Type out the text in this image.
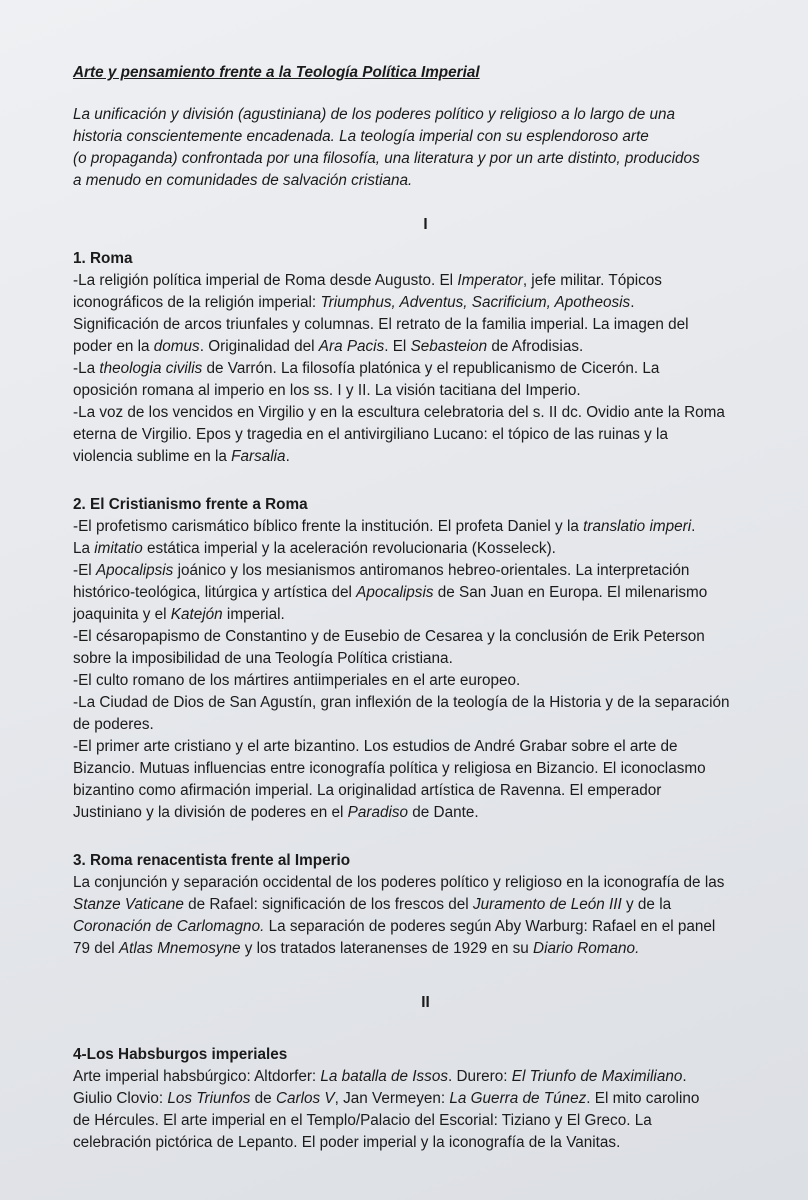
Arte y pensamiento frente a la Teología Política Imperial

La unificación y división (agustiniana) de los poderes político y religioso a lo largo de una
historia conscientemente encadenada. La teología imperial con su esplendoroso arte
(o propaganda) confrontada por una filosofía, una literatura y por un arte distinto, producidos
a menudo en comunidades de salvación cristiana.

I
1. Roma
-La religión política imperial de Roma desde Augusto. El Imperator, jefe militar. Tópicos
iconográficos de la religión imperial: Triumphus, Adventus, Sacrificium, Apotheosis.
Significación de arcos triunfales y columnas. El retrato de la familia imperial. La imagen del
poder en la domus. Originalidad del Ara Pacis. El Sebasteion de Afrodisias.
-La theologia civilis de Varrón. La filosofía platónica y el republicanismo de Cicerón. La
oposición romana al imperio en los ss. I y II. La visión tacitiana del Imperio.
-La voz de los vencidos en Virgilio y en la escultura celebratoria del s. II dc. Ovidio ante la Roma
eterna de Virgilio. Epos y tragedia en el antivirgiliano Lucano: el tópico de las ruinas y la
violencia sublime en la Farsalia.
2. El Cristianismo frente a Roma
-El profetismo carismático bíblico frente la institución. El profeta Daniel y la translatio imperi.
La imitatio estática imperial y la aceleración revolucionaria (Kosseleck).
-El Apocalipsis joánico y los mesianismos antiromanos hebreo-orientales. La interpretación
histórico-teológica, litúrgica y artística del Apocalipsis de San Juan en Europa. El milenarismo
joaquinita y el Katejón imperial.
-El césaropapismo de Constantino y de Eusebio de Cesarea y la conclusión de Erik Peterson
sobre la imposibilidad de una Teología Política cristiana.
-El culto romano de los mártires antiimperiales en el arte europeo.
-La Ciudad de Dios de San Agustín, gran inflexión de la teología de la Historia y de la separación
de poderes.
-El primer arte cristiano y el arte bizantino. Los estudios de André Grabar sobre el arte de
Bizancio. Mutuas influencias entre iconografía política y religiosa en Bizancio. El iconoclasmo
bizantino como afirmación imperial. La originalidad artística de Ravenna. El emperador
Justiniano y la división de poderes en el Paradiso de Dante.
3. Roma renacentista frente al Imperio
La conjunción y separación occidental de los poderes político y religioso en la iconografía de las
Stanze Vaticane de Rafael: significación de los frescos del Juramento de León III y de la
Coronación de Carlomagno. La separación de poderes según Aby Warburg: Rafael en el panel
79 del Atlas Mnemosyne y los tratados lateranenses de 1929 en su Diario Romano.
II
4-Los Habsburgos imperiales
Arte imperial habsbúrgico: Altdorfer: La batalla de Issos. Durero: El Triunfo de Maximiliano.
Giulio Clovio: Los Triunfos de Carlos V, Jan Vermeyen: La Guerra de Túnez. El mito carolino
de Hércules. El arte imperial en el Templo/Palacio del Escorial: Tiziano y El Greco. La
celebración pictórica de Lepanto. El poder imperial y la iconografía de la Vanitas.
